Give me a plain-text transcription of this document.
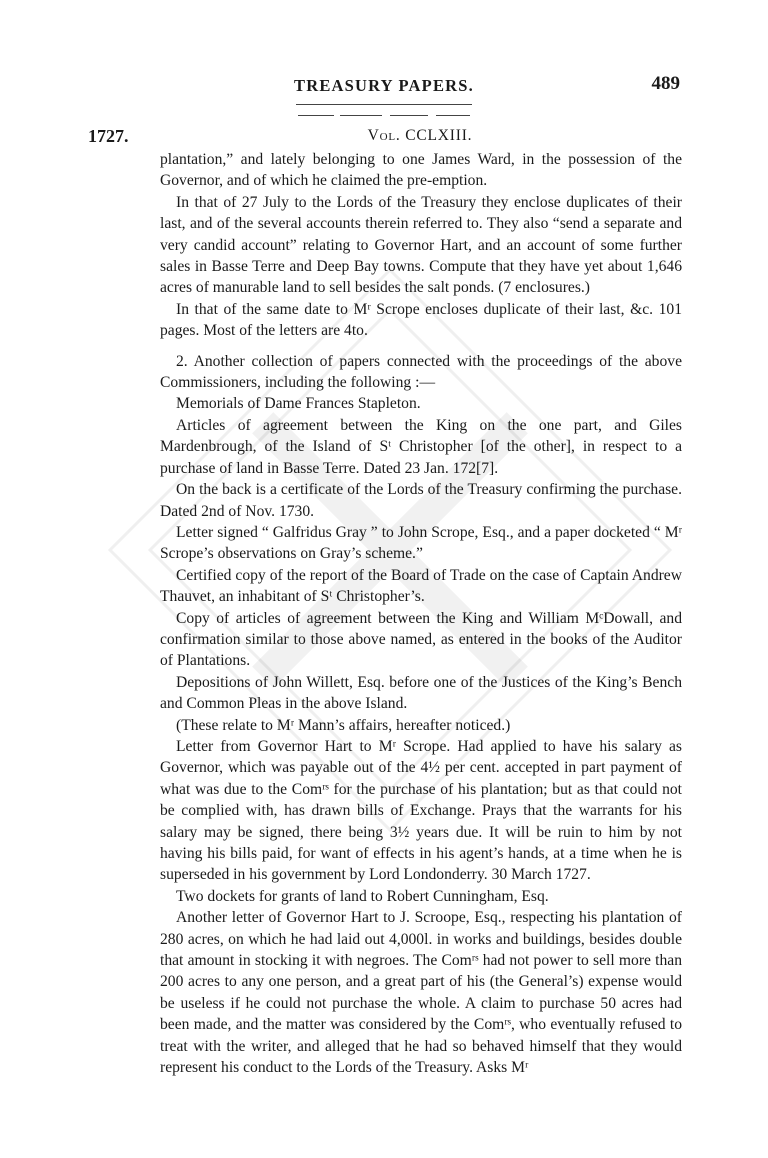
TREASURY PAPERS.	489
1727.	Vol. CCLXIII.

plantation,” and lately belonging to one James Ward, in the possession of the Governor, and of which he claimed the pre-emption.

In that of 27 July to the Lords of the Treasury they enclose duplicates of their last, and of the several accounts therein referred to. They also “send a separate and very candid account” relating to Governor Hart, and an account of some further sales in Basse Terre and Deep Bay towns. Compute that they have yet about 1,646 acres of manurable land to sell besides the salt ponds. (7 enclosures.)

In that of the same date to Mʳ Scrope encloses duplicate of their last, &c. 101 pages. Most of the letters are 4to.

2. Another collection of papers connected with the proceedings of the above Commissioners, including the following :—

Memorials of Dame Frances Stapleton.

Articles of agreement between the King on the one part, and Giles Mardenbrough, of the Island of Sᵗ Christopher [of the other], in respect to a purchase of land in Basse Terre. Dated 23 Jan. 172[7].

On the back is a certificate of the Lords of the Treasury confirming the purchase. Dated 2nd of Nov. 1730.

Letter signed “ Galfridus Gray ” to John Scrope, Esq., and a paper docketed “ Mʳ Scrope’s observations on Gray’s scheme.”

Certified copy of the report of the Board of Trade on the case of Captain Andrew Thauvet, an inhabitant of Sᵗ Christopher’s.

Copy of articles of agreement between the King and William MᶜDowall, and confirmation similar to those above named, as entered in the books of the Auditor of Plantations.

Depositions of John Willett, Esq. before one of the Justices of the King’s Bench and Common Pleas in the above Island.

(These relate to Mʳ Mann’s affairs, hereafter noticed.)

Letter from Governor Hart to Mʳ Scrope. Had applied to have his salary as Governor, which was payable out of the 4½ per cent. accepted in part payment of what was due to the Comʳˢ for the purchase of his plantation; but as that could not be complied with, has drawn bills of Exchange. Prays that the warrants for his salary may be signed, there being 3½ years due. It will be ruin to him by not having his bills paid, for want of effects in his agent’s hands, at a time when he is superseded in his government by Lord Londonderry. 30 March 1727.

Two dockets for grants of land to Robert Cunningham, Esq.

Another letter of Governor Hart to J. Scroope, Esq., respecting his plantation of 280 acres, on which he had laid out 4,000l. in works and buildings, besides double that amount in stocking it with negroes. The Comʳˢ had not power to sell more than 200 acres to any one person, and a great part of his (the General’s) expense would be useless if he could not purchase the whole. A claim to purchase 50 acres had been made, and the matter was considered by the Comʳˢ, who eventually refused to treat with the writer, and alleged that he had so behaved himself that they would represent his conduct to the Lords of the Treasury. Asks Mʳ
